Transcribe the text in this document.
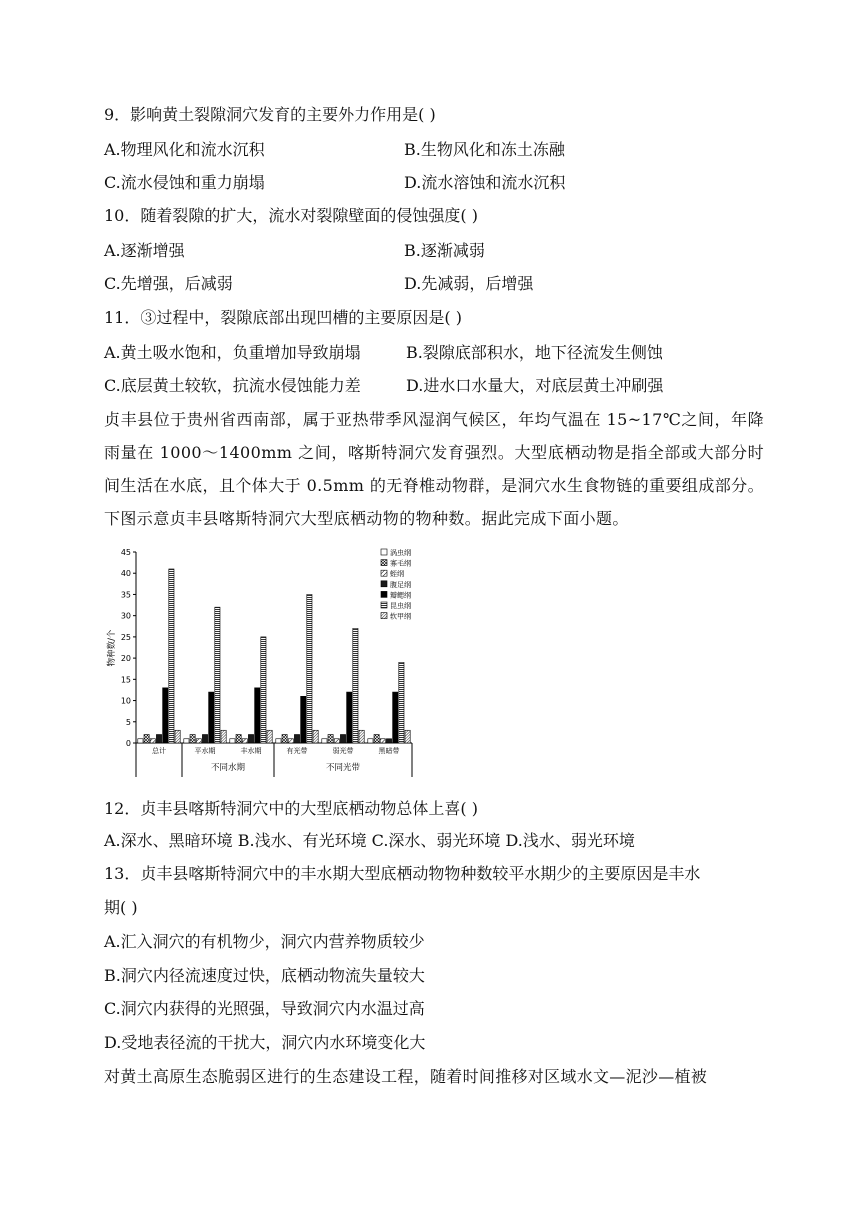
9．影响黄土裂隙洞穴发育的主要外力作用是( )
A.物理风化和流水沉积	B.生物风化和冻土冻融
C.流水侵蚀和重力崩塌	D.流水溶蚀和流水沉积
10．随着裂隙的扩大，流水对裂隙壁面的侵蚀强度( )
A.逐渐增强	B.逐渐减弱
C.先增强，后减弱	D.先减弱，后增强
11．③过程中，裂隙底部出现凹槽的主要原因是( )
A.黄土吸水饱和，负重增加导致崩塌	B.裂隙底部积水，地下径流发生侧蚀
C.底层黄土较软，抗流水侵蚀能力差	D.进水口水量大，对底层黄土冲刷强
贞丰县位于贵州省西南部，属于亚热带季风湿润气候区，年均气温在 15~17℃之间，年降雨量在 1000～1400mm 之间，喀斯特洞穴发育强烈。大型底栖动物是指全部或大部分时间生活在水底，且个体大于 0.5mm 的无脊椎动物群，是洞穴水生食物链的重要组成部分。下图示意贞丰县喀斯特洞穴大型底栖动物的物种数。据此完成下面小题。
0
5
10
15
20
25
30
35
40
45
物种数/个
总计	平水期	丰水期	有光带	弱光带	黑暗带
不同水期	不同光带
涡虫纲
寡毛纲
蛭纲
腹足纲
瓣鳃纲
昆虫纲
软甲纲
12．贞丰县喀斯特洞穴中的大型底栖动物总体上喜( )
A.深水、黑暗环境 B.浅水、有光环境 C.深水、弱光环境 D.浅水、弱光环境
13．贞丰县喀斯特洞穴中的丰水期大型底栖动物物种数较平水期少的主要原因是丰水
期( )
A.汇入洞穴的有机物少，洞穴内营养物质较少
B.洞穴内径流速度过快，底栖动物流失量较大
C.洞穴内获得的光照强，导致洞穴内水温过高
D.受地表径流的干扰大，洞穴内水环境变化大
对黄土高原生态脆弱区进行的生态建设工程，随着时间推移对区域水文—泥沙—植被
